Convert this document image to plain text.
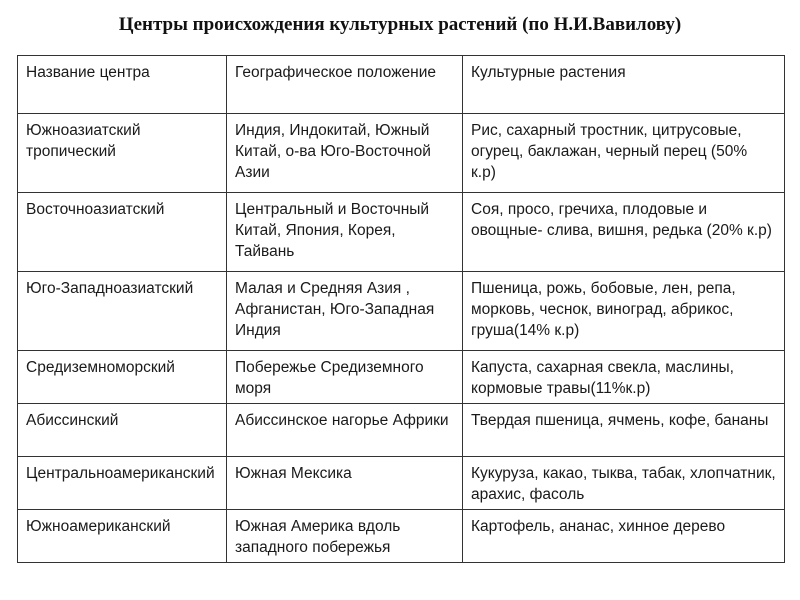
Центры происхождения культурных растений (по Н.И.Вавилову)
Название центра	Географическое положение	Культурные растения
Южноазиатский тропический	Индия, Индокитай, Южный Китай, о-ва Юго-Восточной Азии	Рис, сахарный тростник, цитрусовые, огурец, баклажан, черный перец (50% к.р)
Восточноазиатский	Центральный и Восточный Китай, Япония, Корея, Тайвань	Соя, просо, гречиха, плодовые и овощные- слива, вишня, редька (20% к.р)
Юго-Западноазиатский	Малая и Средняя Азия , Афганистан, Юго-Западная Индия	Пшеница, рожь, бобовые, лен, репа, морковь, чеснок, виноград, абрикос, груша(14% к.р)
Средиземноморский	Побережье Средиземного моря	Капуста, сахарная свекла, маслины, кормовые травы(11%к.р)
Абиссинский	Абиссинское нагорье Африки	Твердая пшеница, ячмень, кофе, бананы
Центральноамериканский	Южная Мексика	Кукуруза, какао, тыква, табак, хлопчатник, арахис, фасоль
Южноамериканский	Южная Америка вдоль западного побережья	Картофель, ананас, хинное дерево
